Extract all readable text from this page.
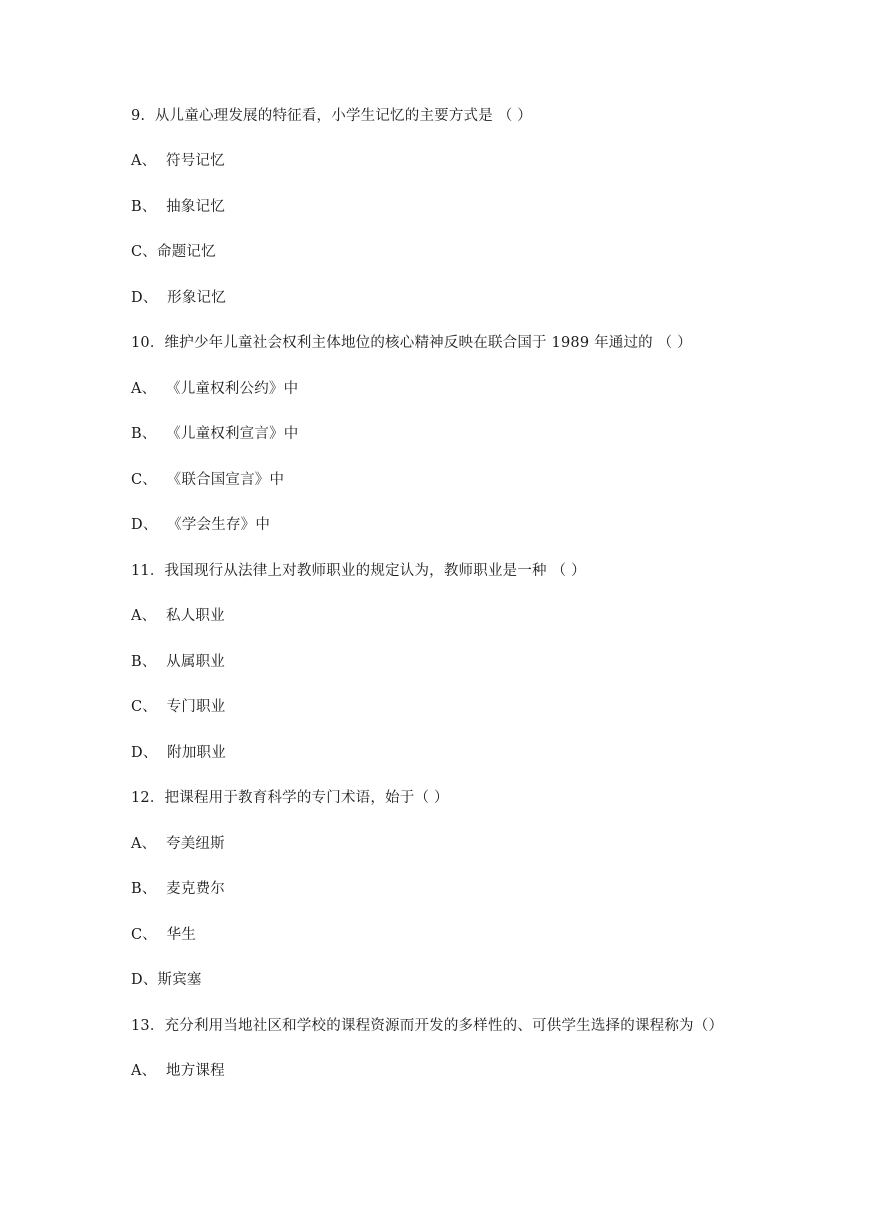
9.  从儿童心理发展的特征看，小学生记忆的主要方式是 （ ）
A、  符号记忆
B、  抽象记忆
C、命题记忆
D、  形象记忆
10．维护少年儿童社会权利主体地位的核心精神反映在联合国于 1989 年通过的 （ ）
A、  《儿童权利公约》中
B、  《儿童权利宣言》中
C、  《联合国宣言》中
D、  《学会生存》中
11．我国现行从法律上对教师职业的规定认为，教师职业是一种 （ ）
A、  私人职业
B、  从属职业
C、  专门职业
D、  附加职业
12．把课程用于教育科学的专门术语，始于（ ）
A、  夸美纽斯
B、  麦克费尔
C、  华生
D、斯宾塞
13．充分利用当地社区和学校的课程资源而开发的多样性的、可供学生选择的课程称为（）
A、  地方课程
